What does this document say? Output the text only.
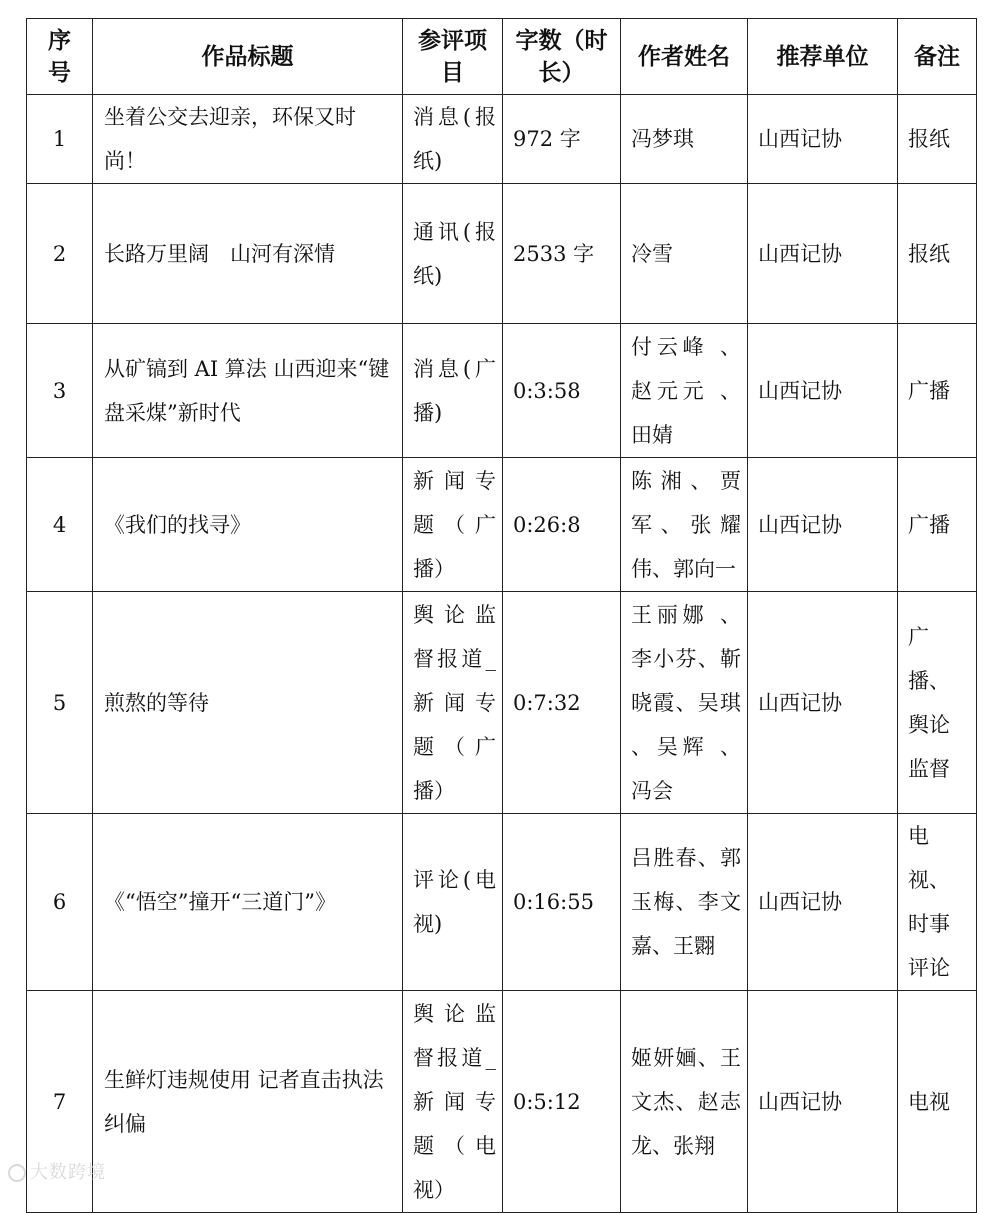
序号	作品标题	参评项目	字数（时长）	作者姓名	推荐单位	备注
1	坐着公交去迎亲，环保又时尚！	消息(报纸)	972 字	冯梦琪	山西记协	报纸

2	长路万里阔　山河有深情	通讯(报纸)	2533 字	冷雪	山西记协	报纸

3	从矿镐到 AI 算法 山西迎来“键盘采煤”新时代	消息(广播)	0:3:58	付云峰 、赵元元 、田婧	山西记协	广播

4	《我们的找寻》	新闻专题（广播）	0:26:8	陈湘、贾军、张耀伟、郭向一	山西记协	广播

5	煎熬的等待	舆论监督报道_新闻专题（广播）	0:7:32	王丽娜 、李小芬、靳晓霞、吴琪 、吴辉 、冯会	山西记协	广播、舆论监督

6	《“悟空”撞开“三道门”》	评论(电视)	0:16:55	吕胜春、郭玉梅、李文嘉、王翾	山西记协	电视、时事评论

7	生鲜灯违规使用 记者直击执法纠偏	舆论监督报道_新闻专题（电视）	0:5:12	姬妍婳、王文杰、赵志龙、张翔	山西记协	电视
大数跨境
